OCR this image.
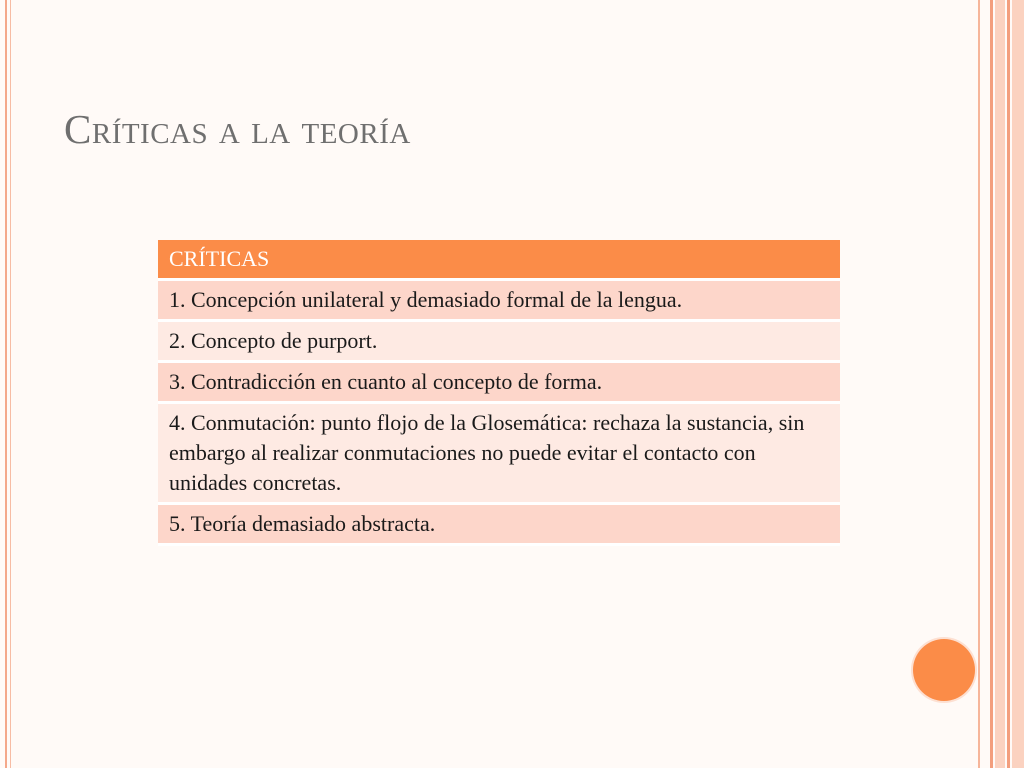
Críticas a la teoría
CRÍTICAS
1. Concepción unilateral y demasiado formal de la lengua.
2. Concepto de purport.
3. Contradicción en cuanto al concepto de forma.
4. Conmutación: punto flojo de la Glosemática: rechaza la sustancia, sin embargo al realizar conmutaciones no puede evitar el contacto con unidades concretas.
5. Teoría demasiado abstracta.
